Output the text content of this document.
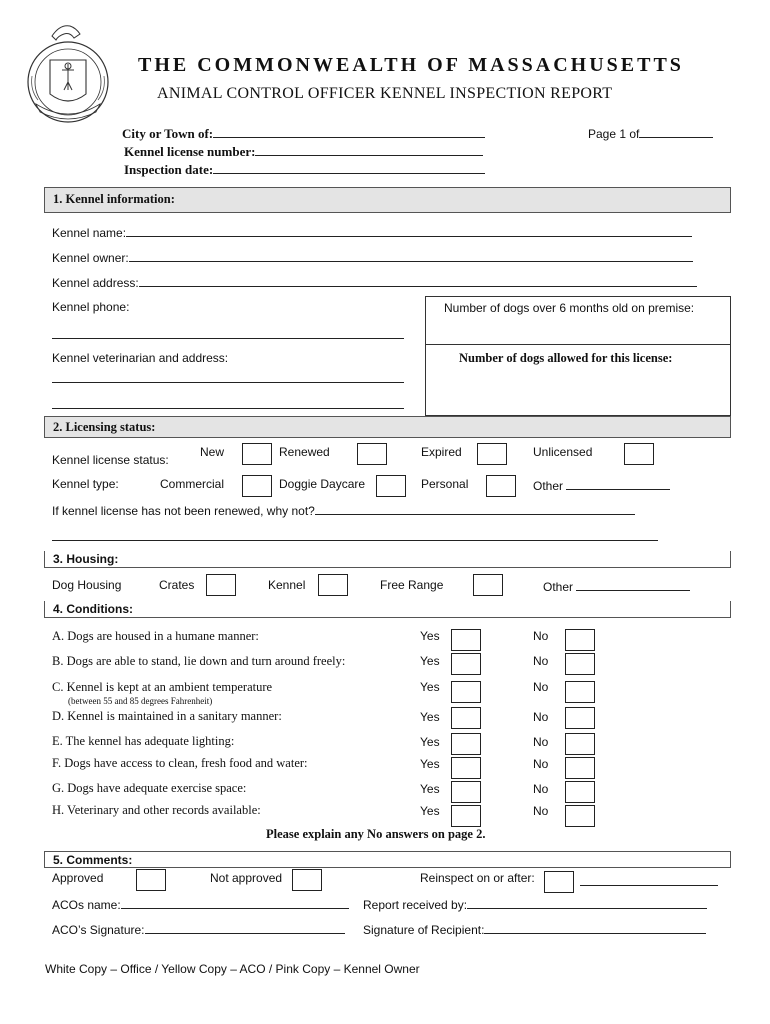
THE COMMONWEALTH OF MASSACHUSETTS
ANIMAL CONTROL OFFICER KENNEL INSPECTION REPORT
City or Town of:
Kennel license number:
Inspection date:
Page 1 of
1. Kennel information:
Kennel name:
Kennel owner:
Kennel address:
Kennel phone:
Kennel veterinarian and address:
Number of dogs over 6 months old on premise:
Number of dogs allowed for this license:
2. Licensing status:
Kennel license status:
New	Renewed	Expired	Unlicensed
Kennel type:	Commercial	Doggie Daycare	Personal	Other
If kennel license has not been renewed, why not?
3. Housing:
Dog Housing	Crates	Kennel	Free Range	Other
4. Conditions:
A. Dogs are housed in a humane manner:	Yes	No
B. Dogs are able to stand, lie down and turn around freely:	Yes	No
C. Kennel is kept at an ambient temperature
(between 55 and 85 degrees Fahrenheit)
Yes	No
D. Kennel is maintained in a sanitary manner:	Yes	No
E. The kennel has adequate lighting:	Yes	No
F. Dogs have access to clean, fresh food and water:	Yes	No
G. Dogs have adequate exercise space:	Yes	No
H. Veterinary and other records available:	Yes	No
Please explain any No answers on page 2.
5. Comments:
Approved	Not approved	Reinspect on or after:
ACOs name:	Report received by:
ACO’s Signature:	Signature of Recipient:
White Copy – Office / Yellow Copy – ACO / Pink Copy – Kennel Owner
